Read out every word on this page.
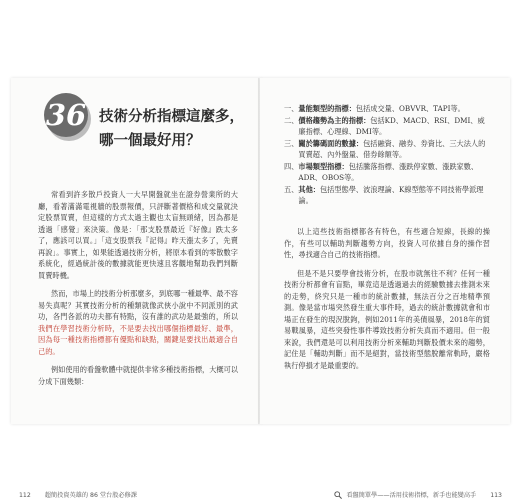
36 技術分析指標這麼多，
哪一個最好用？

常看到許多散戶投資人一大早開盤就坐在證券營業所的大廳，看著滿滿電視牆的股票報價，只評斷著價格和成交量就決定股票買賣，但這樣的方式太過主觀也太盲無頭緒，因為都是透過「感覺」來決策。像是：「那支股票最近『好像』跌太多了，應該可以買。」「這支股票我『記得』昨天漲太多了，先賣再說」。事實上，如果能透過技術分析，將原本看到的零散數字系統化，經過統計後的數據就能更快速且客觀地幫助我們判斷買賣時機。

然而，市場上的技術分析那麼多，到底哪一種最準、最不容易失真呢？其實技術分析的種類就像武俠小說中不同派別的武功，各門各派的功夫都有特點，沒有誰的武功是最強的，所以我們在學習技術分析時，不是要去找出哪個指標最好、最準，因為每一種技術指標都有優點和缺點，關鍵是要找出最適合自己的。

例如使用的看盤軟體中就提供非常多種技術指標，大概可以分成下面幾類：

112 超簡投資英雄的 86 堂台股必修課
一、 量能類型的指標：包括成交量、OBVVR、TAPI等。
二、 價格趨勢為主的指標：包括KD、MACD、RSI、DMI、威廉指標、心理線、DMI等。
三、 關於籌碼面的數據：包括融資、融券、券資比、三大法人的買賣超、內外盤量、借券餘額等。
四、 市場類型指標：包括騰落指標、漲跌停家數、漲跌家數、ADR、OBOS等。
五、 其他：包括型態學、波浪理論、K線型態等不同技術學派理論。

以上這些技術指標都各有特色，有些適合短線，長線的操作，有些可以輔助判斷趨勢方向，投資人可依據自身的操作習性，尋找適合自己的技術指標。

但是不是只要學會技術分析，在股市就無往不利？任何一種技術分析都會有盲點，畢竟這是透過過去的經驗數據去推測未來的走勢，終究只是一種市的統計數據，無法百分之百地精準預測。像是當市場突然發生重大事件時，過去的統計數據就會和市場正在發生的現況脫鉤，例如2011年的美債風暴，2018年的貿易戰風暴，這些突發性事件導致技術分析失真而不適用。但一般來說，我們還是可以利用技術分析來輔助判斷股價未來的趨勢，記住是「輔助判斷」而不是絕對，當技術型態脫離常軌時，嚴格執行停損才是最重要的。

看盤簡單學——活用技術指標，新手也能變高手 113
